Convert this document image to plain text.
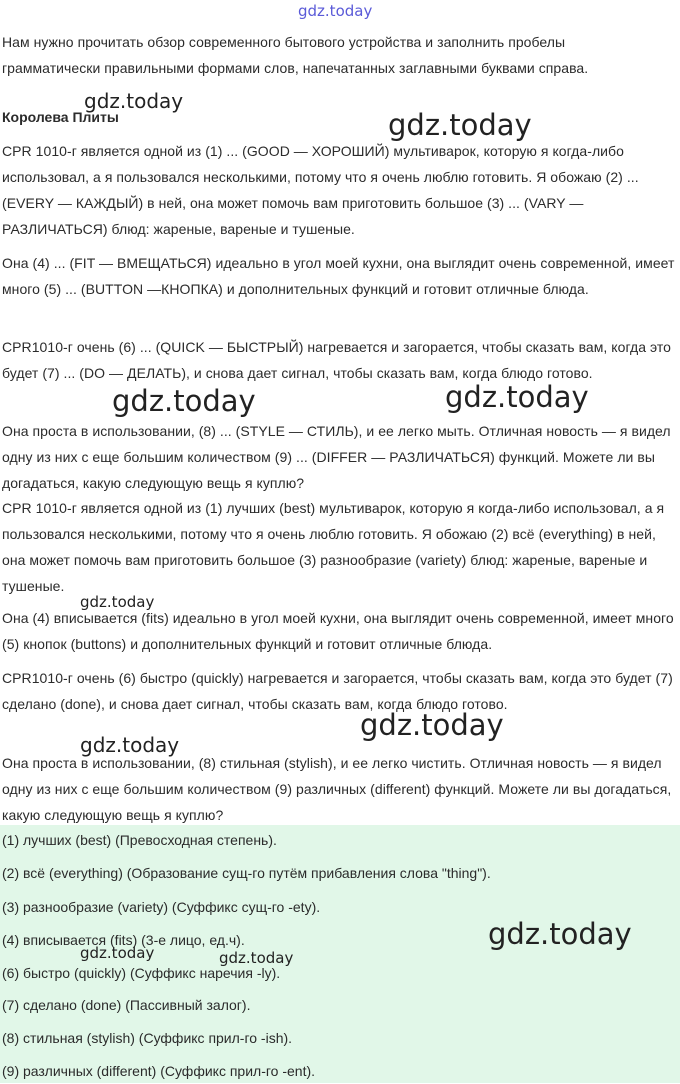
gdz.today

Нам нужно прочитать обзор современного бытового устройства и заполнить пробелы грамматически правильными формами слов, напечатанных заглавными буквами справа.

Королева Плиты

CPR 1010-г является одной из (1) ... (GOOD — ХОРОШИЙ) мультиварок, которую я когда-либо использовал, а я пользовался несколькими, потому что я очень люблю готовить. Я обожаю (2) ... (EVERY — КАЖДЫЙ) в ней, она может помочь вам приготовить большое (3) ... (VARY — РАЗЛИЧАТЬСЯ) блюд: жареные, вареные и тушеные.

Она (4) ... (FIT — ВМЕЩАТЬСЯ) идеально в угол моей кухни, она выглядит очень современной, имеет много (5) ... (BUTTON —КНОПКА) и дополнительных функций и готовит отличные блюда.

CPR1010-г очень (6) ... (QUICK — БЫСТРЫЙ) нагревается и загорается, чтобы сказать вам, когда это будет (7) ... (DO — ДЕЛАТЬ), и снова дает сигнал, чтобы сказать вам, когда блюдо готово.

Она проста в использовании, (8) ... (STYLE — СТИЛЬ), и ее легко мыть. Отличная новость — я видел одну из них с еще большим количеством (9) ... (DIFFER — РАЗЛИЧАТЬСЯ) функций. Можете ли вы догадаться, какую следующую вещь я куплю?

CPR 1010-г является одной из (1) лучших (best) мультиварок, которую я когда-либо использовал, а я пользовался несколькими, потому что я очень люблю готовить. Я обожаю (2) всё (everything) в ней, она может помочь вам приготовить большое (3) разнообразие (variety) блюд: жареные, вареные и тушеные.

Она (4) вписывается (fits) идеально в угол моей кухни, она выглядит очень современной, имеет много (5) кнопок (buttons) и дополнительных функций и готовит отличные блюда.

CPR1010-г очень (6) быстро (quickly) нагревается и загорается, чтобы сказать вам, когда это будет (7) сделано (done), и снова дает сигнал, чтобы сказать вам, когда блюдо готово.

Она проста в использовании, (8) стильная (stylish), и ее легко чистить. Отличная новость — я видел одну из них с еще большим количеством (9) различных (different) функций. Можете ли вы догадаться, какую следующую вещь я куплю?

(1) лучших (best) (Превосходная степень).

(2) всё (everything) (Образование сущ-го путём прибавления слова "thing").

(3) разнообразие (variety) (Суффикс сущ-го -ety).

(4) вписывается (fits) (3-е лицо, ед.ч).

(6) быстро (quickly) (Суффикс наречия -ly).

(7) сделано (done) (Пассивный залог).

(8) стильная (stylish) (Суффикс прил-го -ish).

(9) различных (different) (Суффикс прил-го -ent).

gdz.today
gdz.today
gdz.today	gdz.today
gdz.today
gdz.today
gdz.today
gdz.today
gdz.today	gdz.today
